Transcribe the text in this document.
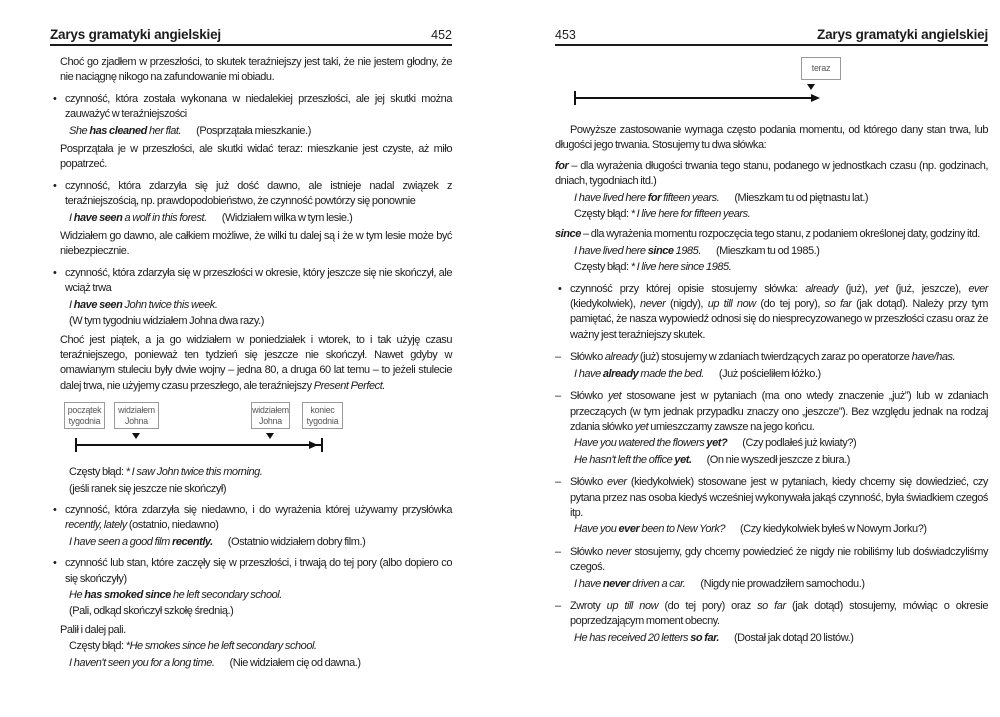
Zarys gramatyki angielskiej	452
Choć go zjadłem w przeszłości, to skutek teraźniejszy jest taki, że nie jestem głodny, że nie naciągnę nikogo na zafundowanie mi obiadu.
• czynność, która została wykonana w niedalekiej przeszłości, ale jej skutki można zauważyć w teraźniejszości
She has cleaned her flat. (Posprzątała mieszkanie.)
Posprzątała je w przeszłości, ale skutki widać teraz: mieszkanie jest czyste, aż miło popatrzeć.
• czynność, która zdarzyła się już dość dawno, ale istnieje nadal związek z teraźniejszością, np. prawdopodobieństwo, że czynność powtórzy się ponownie
I have seen a wolf in this forest. (Widziałem wilka w tym lesie.)
Widziałem go dawno, ale całkiem możliwe, że wilki tu dalej są i że w tym lesie może być niebezpiecznie.
• czynność, która zdarzyła się w przeszłości w okresie, który jeszcze się nie skończył, ale wciąż trwa
I have seen John twice this week.
(W tym tygodniu widziałem Johna dwa razy.)
Choć jest piątek, a ja go widziałem w poniedziałek i wtorek, to i tak użyję czasu teraźniejszego, ponieważ ten tydzień się jeszcze nie skończył. Nawet gdyby w omawianym stuleciu były dwie wojny – jedna 80, a druga 60 lat temu – to jeżeli stulecie dalej trwa, nie użyjemy czasu przeszłego, ale teraźniejszy Present Perfect.
początek
tygodnia
widziałem
Johna
widziałem
Johna
koniec
tygodnia
Częsty błąd: * I saw John twice this morning.
(jeśli ranek się jeszcze nie skończył)
• czynność, która zdarzyła się niedawno, i do wyrażenia której używamy przysłówka recently, lately (ostatnio, niedawno)
I have seen a good film recently. (Ostatnio widziałem dobry film.)
• czynność lub stan, które zaczęły się w przeszłości, i trwają do tej pory (albo dopiero co się skończyły)
He has smoked since he left secondary school.
(Pali, odkąd skończył szkołę średnią.)
Palił i dalej pali.
Częsty błąd: *He smokes since he left secondary school.
I haven't seen you for a long time. (Nie widziałem cię od dawna.)
453	Zarys gramatyki angielskiej
teraz
Powyższe zastosowanie wymaga często podania momentu, od którego dany stan trwa, lub długości jego trwania. Stosujemy tu dwa słówka:
for – dla wyrażenia długości trwania tego stanu, podanego w jednostkach czasu (np. godzinach, dniach, tygodniach itd.)
I have lived here for fifteen years. (Mieszkam tu od piętnastu lat.)
Częsty błąd: * I live here for fifteen years.
since – dla wyrażenia momentu rozpoczęcia tego stanu, z podaniem określonej daty, godziny itd.
I have lived here since 1985. (Mieszkam tu od 1985.)
Częsty błąd: * I live here since 1985.
• czynność przy której opisie stosujemy słówka: already (już), yet (już, jeszcze), ever (kiedykolwiek), never (nigdy), up till now (do tej pory), so far (jak dotąd). Należy przy tym pamiętać, że nasza wypowiedź odnosi się do niesprecyzowanego w przeszłości czasu oraz że ważny jest teraźniejszy skutek.
– Słówko already (już) stosujemy w zdaniach twierdzących zaraz po operatorze have/has.
I have already made the bed. (Już pościeliłem łóżko.)
– Słówko yet stosowane jest w pytaniach (ma ono wtedy znaczenie „już”) lub w zdaniach przeczących (w tym jednak przypadku znaczy ono „jeszcze”). Bez względu jednak na rodzaj zdania słówko yet umieszczamy zawsze na jego końcu.
Have you watered the flowers yet? (Czy podlałeś już kwiaty?)
He hasn't left the office yet. (On nie wyszedł jeszcze z biura.)
– Słówko ever (kiedykolwiek) stosowane jest w pytaniach, kiedy chcemy się dowiedzieć, czy pytana przez nas osoba kiedyś wcześniej wykonywała jakąś czynność, była świadkiem czegoś itp.
Have you ever been to New York? (Czy kiedykolwiek byłeś w Nowym Jorku?)
– Słówko never stosujemy, gdy chcemy powiedzieć że nigdy nie robiliśmy lub doświadczyliśmy czegoś.
I have never driven a car. (Nigdy nie prowadziłem samochodu.)
– Zwroty up till now (do tej pory) oraz so far (jak dotąd) stosujemy, mówiąc o okresie poprzedzającym moment obecny.
He has received 20 letters so far. (Dostał jak dotąd 20 listów.)
